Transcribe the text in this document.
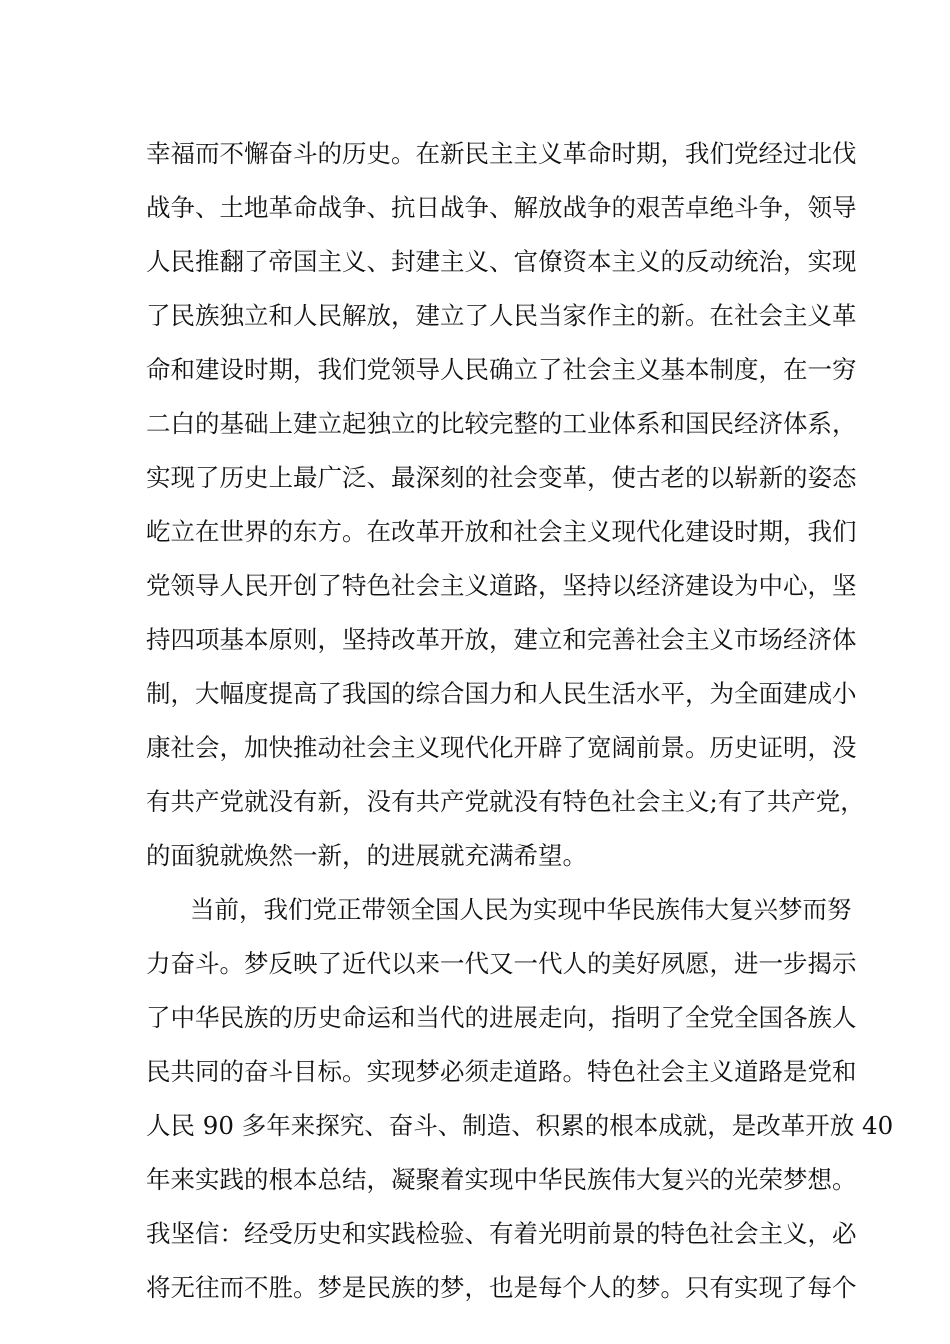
幸福而不懈奋斗的历史。在新民主主义革命时期，我们党经过北伐
战争、土地革命战争、抗日战争、解放战争的艰苦卓绝斗争，领导
人民推翻了帝国主义、封建主义、官僚资本主义的反动统治，实现
了民族独立和人民解放，建立了人民当家作主的新。在社会主义革
命和建设时期，我们党领导人民确立了社会主义基本制度，在一穷
二白的基础上建立起独立的比较完整的工业体系和国民经济体系，
实现了历史上最广泛、最深刻的社会变革，使古老的以崭新的姿态
屹立在世界的东方。在改革开放和社会主义现代化建设时期，我们
党领导人民开创了特色社会主义道路，坚持以经济建设为中心，坚
持四项基本原则，坚持改革开放，建立和完善社会主义市场经济体
制，大幅度提高了我国的综合国力和人民生活水平，为全面建成小
康社会，加快推动社会主义现代化开辟了宽阔前景。历史证明，没
有共产党就没有新，没有共产党就没有特色社会主义;有了共产党，
的面貌就焕然一新，的进展就充满希望。
当前，我们党正带领全国人民为实现中华民族伟大复兴梦而努
力奋斗。梦反映了近代以来一代又一代人的美好夙愿，进一步揭示
了中华民族的历史命运和当代的进展走向，指明了全党全国各族人
民共同的奋斗目标。实现梦必须走道路。特色社会主义道路是党和
人民 90 多年来探究、奋斗、制造、积累的根本成就，是改革开放 40
年来实践的根本总结，凝聚着实现中华民族伟大复兴的光荣梦想。
我坚信：经受历史和实践检验、有着光明前景的特色社会主义，必
将无往而不胜。梦是民族的梦，也是每个人的梦。只有实现了每个
